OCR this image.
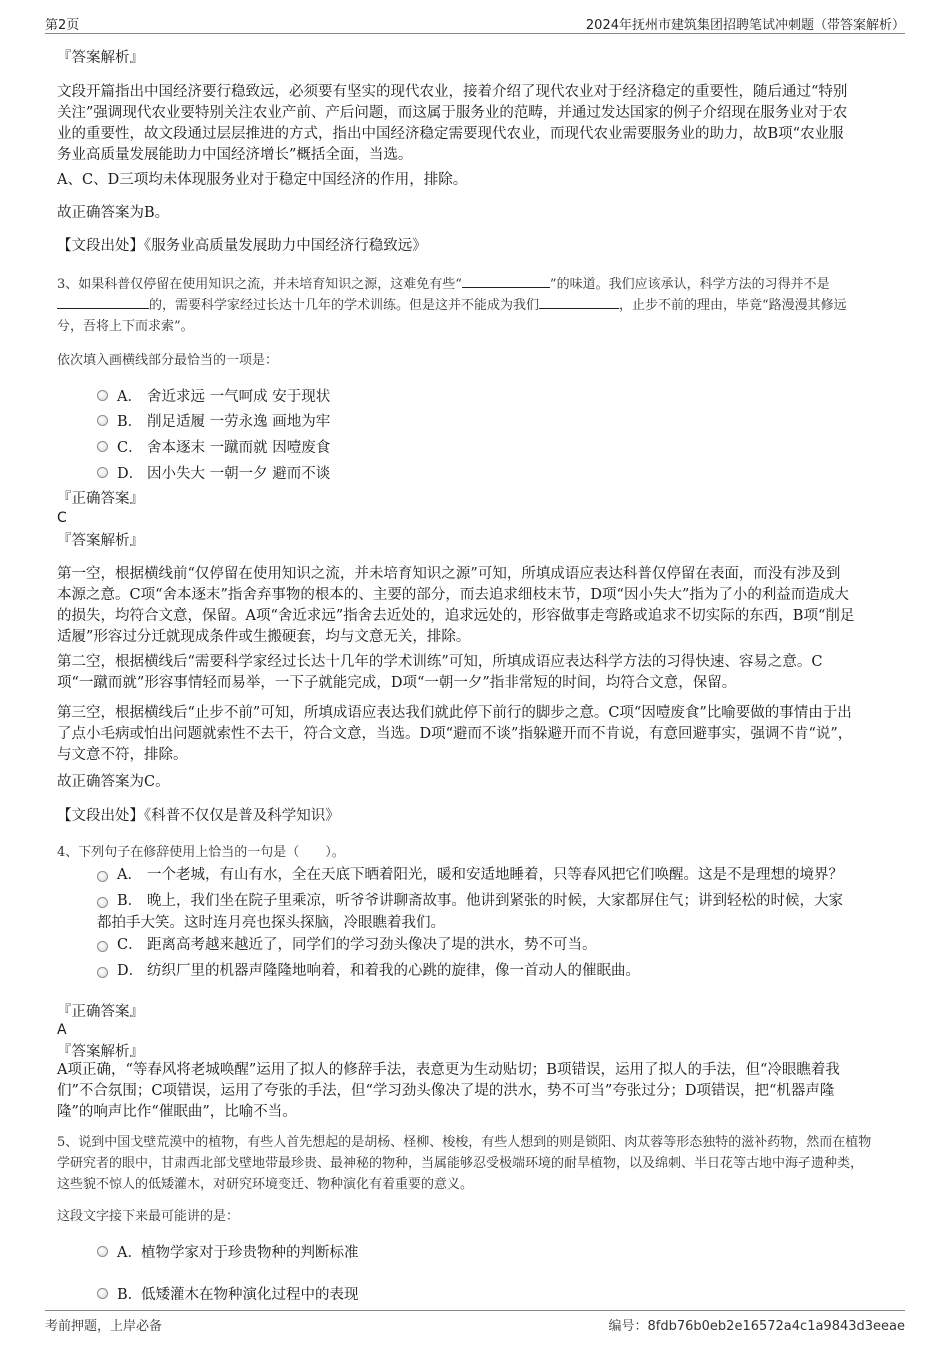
第2页	2024年抚州市建筑集团招聘笔试冲刺题（带答案解析）
『答案解析』
文段开篇指出中国经济要行稳致远，必须要有坚实的现代农业，接着介绍了现代农业对于经济稳定的重要性，随后通过“特别
关注”强调现代农业要特别关注农业产前、产后问题，而这属于服务业的范畴，并通过发达国家的例子介绍现在服务业对于农
业的重要性，故文段通过层层推进的方式，指出中国经济稳定需要现代农业，而现代农业需要服务业的助力，故B项“农业服
务业高质量发展能助力中国经济增长”概括全面，当选。
A、C、D三项均未体现服务业对于稳定中国经济的作用，排除。
故正确答案为B。
【文段出处】《服务业高质量发展助力中国经济行稳致远》
3、如果科普仅停留在使用知识之流，并未培育知识之源，这难免有些“	”的味道。我们应该承认，科学方法的习得并不是
的，需要科学家经过长达十几年的学术训练。但是这并不能成为我们	，止步不前的理由，毕竟“路漫漫其修远
兮，吾将上下而求索”。
依次填入画横线部分最恰当的一项是：
A． 舍近求远 一气呵成 安于现状
B． 削足适履 一劳永逸 画地为牢
C． 舍本逐末 一蹴而就 因噎废食
D． 因小失大 一朝一夕 避而不谈
『正确答案』
C
『答案解析』
第一空，根据横线前“仅停留在使用知识之流，并未培育知识之源”可知，所填成语应表达科普仅停留在表面，而没有涉及到
本源之意。C项“舍本逐末”指舍弃事物的根本的、主要的部分，而去追求细枝末节，D项“因小失大”指为了小的利益而造成大
的损失，均符合文意，保留。A项“舍近求远”指舍去近处的，追求远处的，形容做事走弯路或追求不切实际的东西，B项“削足
适履”形容过分迁就现成条件或生搬硬套，均与文意无关，排除。
第二空，根据横线后“需要科学家经过长达十几年的学术训练”可知，所填成语应表达科学方法的习得快速、容易之意。C
项“一蹴而就”形容事情轻而易举，一下子就能完成，D项“一朝一夕”指非常短的时间，均符合文意，保留。
第三空，根据横线后“止步不前”可知，所填成语应表达我们就此停下前行的脚步之意。C项“因噎废食”比喻要做的事情由于出
了点小毛病或怕出问题就索性不去干，符合文意，当选。D项“避而不谈”指躲避开而不肯说，有意回避事实，强调不肯“说”，
与文意不符，排除。
故正确答案为C。
【文段出处】《科普不仅仅是普及科学知识》
4、下列句子在修辞使用上恰当的一句是（　　）。
A． 一个老城，有山有水，全在天底下晒着阳光，暖和安适地睡着，只等春风把它们唤醒。这是不是理想的境界？
B． 晚上，我们坐在院子里乘凉，听爷爷讲聊斋故事。他讲到紧张的时候，大家都屏住气；讲到轻松的时候，大家
都拍手大笑。这时连月亮也探头探脑，冷眼瞧着我们。
C． 距离高考越来越近了，同学们的学习劲头像决了堤的洪水，势不可当。
D． 纺织厂里的机器声隆隆地响着，和着我的心跳的旋律，像一首动人的催眠曲。
『正确答案』
A
『答案解析』
A项正确，“等春风将老城唤醒”运用了拟人的修辞手法，表意更为生动贴切；B项错误，运用了拟人的手法，但“冷眼瞧着我
们”不合氛围；C项错误，运用了夸张的手法，但“学习劲头像决了堤的洪水，势不可当”夸张过分；D项错误，把“机器声隆
隆”的响声比作“催眠曲”，比喻不当。
5、说到中国戈壁荒漠中的植物，有些人首先想起的是胡杨、柽柳、梭梭，有些人想到的则是锁阳、肉苁蓉等形态独特的滋补药物，然而在植物
学研究者的眼中，甘肃西北部戈壁地带最珍贵、最神秘的物种，当属能够忍受极端环境的耐旱植物，以及绵刺、半日花等古地中海孑遗种类，
这些貌不惊人的低矮灌木，对研究环境变迁、物种演化有着重要的意义。
这段文字接下来最可能讲的是：
A． 植物学家对于珍贵物种的判断标准
B．
低矮灌木在物种演化过程中的表现
考前押题，上岸必备	编号：8fdb76b0eb2e16572a4c1a9843d3eeae
